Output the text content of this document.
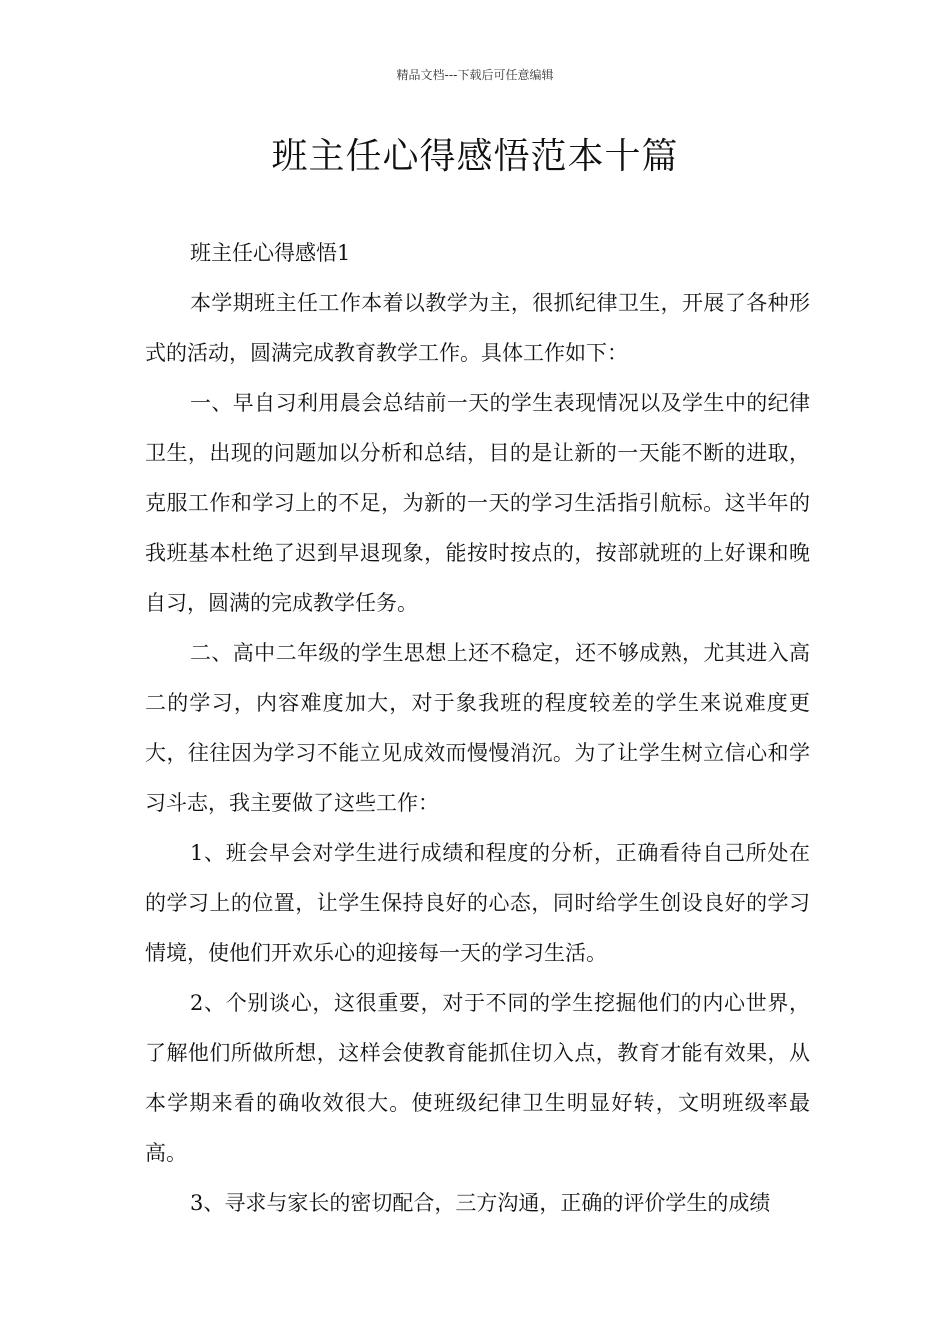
精品文档---下载后可任意编辑
班主任心得感悟范本十篇

班主任心得感悟1

本学期班主任工作本着以教学为主，很抓纪律卫生，开展了各种形式的活动，圆满完成教育教学工作。具体工作如下：

一、早自习利用晨会总结前一天的学生表现情况以及学生中的纪律卫生，出现的问题加以分析和总结，目的是让新的一天能不断的进取，克服工作和学习上的不足，为新的一天的学习生活指引航标。这半年的我班基本杜绝了迟到早退现象，能按时按点的，按部就班的上好课和晚自习，圆满的完成教学任务。

二、高中二年级的学生思想上还不稳定，还不够成熟，尤其进入高二的学习，内容难度加大，对于象我班的程度较差的学生来说难度更大，往往因为学习不能立见成效而慢慢消沉。为了让学生树立信心和学习斗志，我主要做了这些工作：

1、班会早会对学生进行成绩和程度的分析，正确看待自己所处在的学习上的位置，让学生保持良好的心态，同时给学生创设良好的学习情境，使他们开欢乐心的迎接每一天的学习生活。

2、个别谈心，这很重要，对于不同的学生挖掘他们的内心世界，了解他们所做所想，这样会使教育能抓住切入点，教育才能有效果，从本学期来看的确收效很大。使班级纪律卫生明显好转，文明班级率最高。

3、寻求与家长的密切配合，三方沟通，正确的评价学生的成绩
